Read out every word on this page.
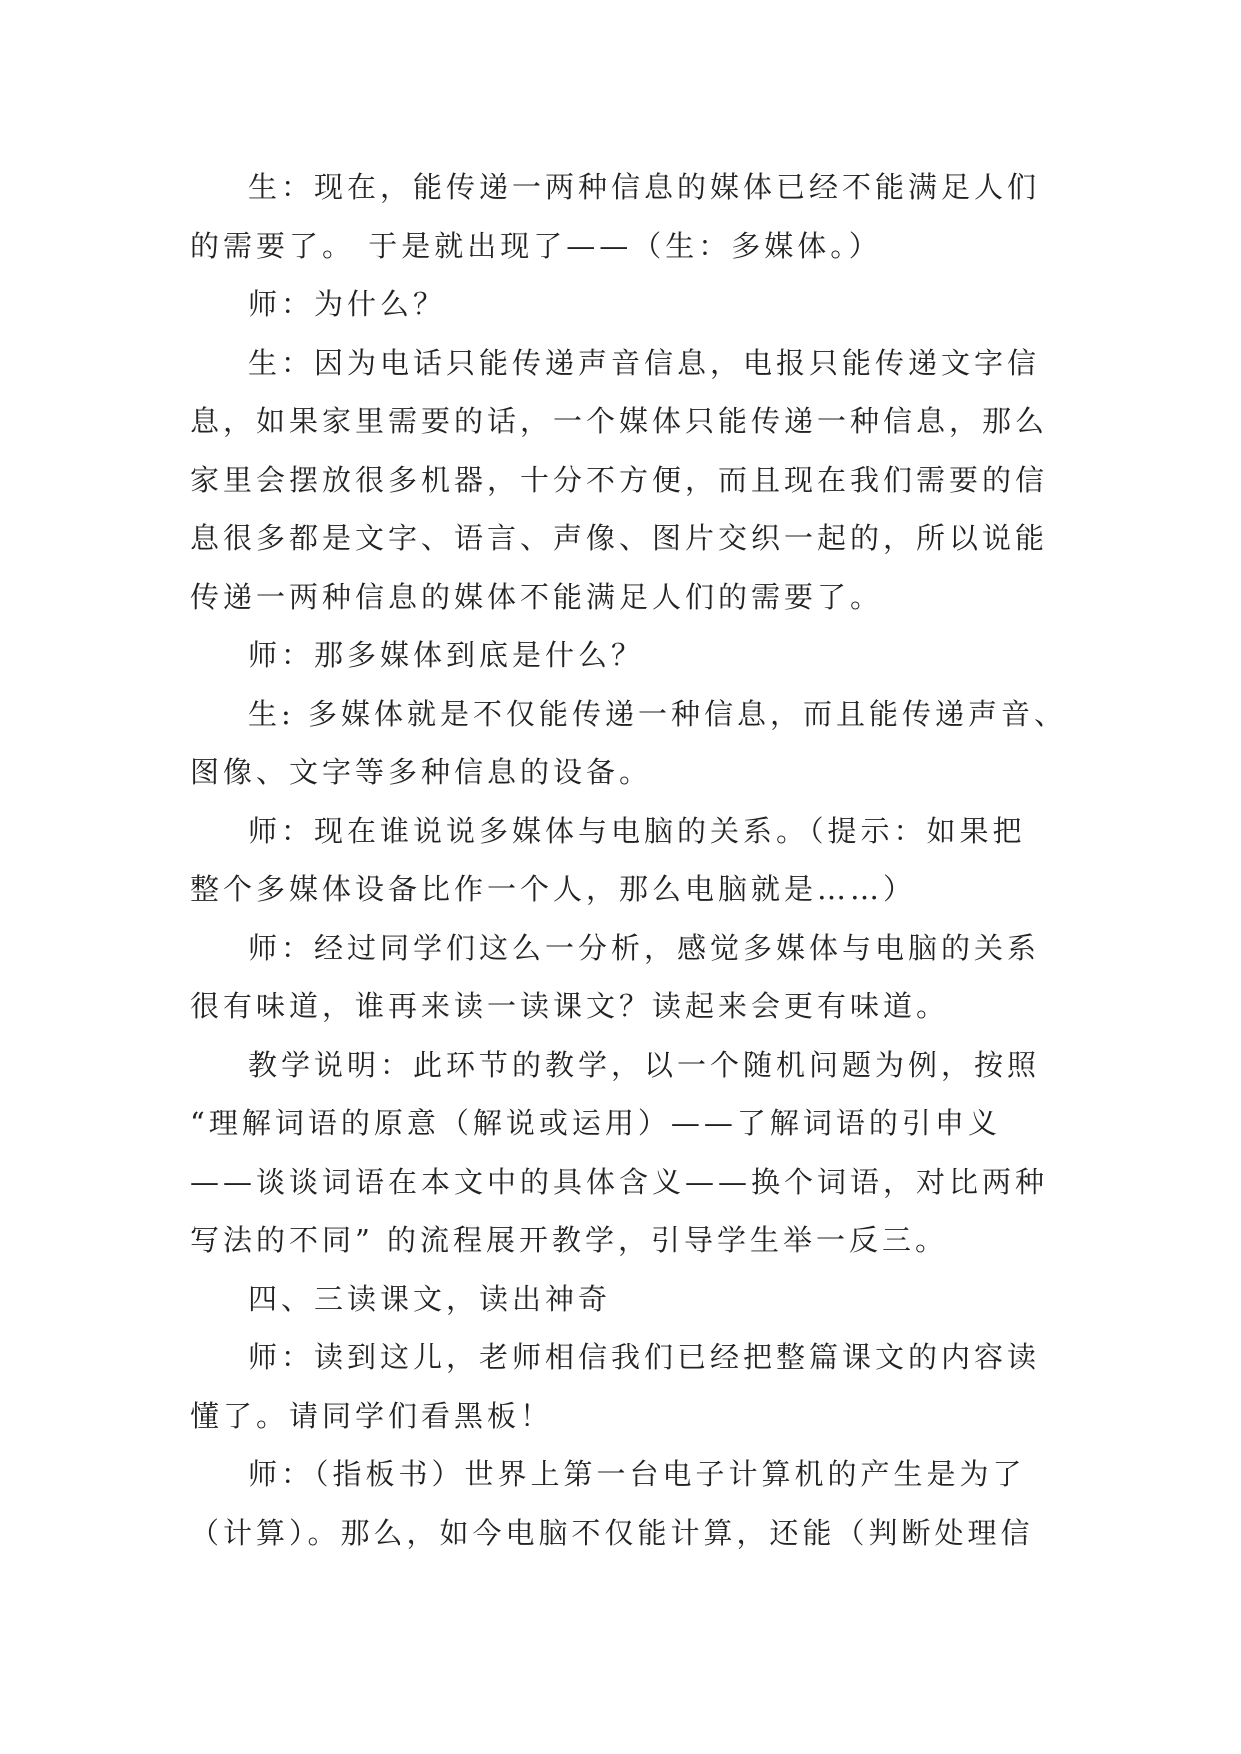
生：现在，能传递一两种信息的媒体已经不能满足人们
的需要了。 于是就出现了——（生：多媒体。）
师：为什么？
生：因为电话只能传递声音信息，电报只能传递文字信
息，如果家里需要的话，一个媒体只能传递一种信息，那么
家里会摆放很多机器，十分不方便，而且现在我们需要的信
息很多都是文字、语言、声像、图片交织一起的，所以说能
传递一两种信息的媒体不能满足人们的需要了。
师：那多媒体到底是什么？
生: 多媒体就是不仅能传递一种信息，而且能传递声音、
图像、文字等多种信息的设备。
师：现在谁说说多媒体与电脑的关系。（提示：如果把
整个多媒体设备比作一个人，那么电脑就是……）
师：经过同学们这么一分析，感觉多媒体与电脑的关系
很有味道，谁再来读一读课文？读起来会更有味道。
教学说明：此环节的教学，以一个随机问题为例，按照
“理解词语的原意（解说或运用）——了解词语的引申义
——谈谈词语在本文中的具体含义——换个词语，对比两种
写法的不同” 的流程展开教学，引导学生举一反三。
四、三读课文，读出神奇
师：读到这儿，老师相信我们已经把整篇课文的内容读
懂了。请同学们看黑板！
师：（指板书）世界上第一台电子计算机的产生是为了
（计算）。那么，如今电脑不仅能计算，还能（判断处理信
